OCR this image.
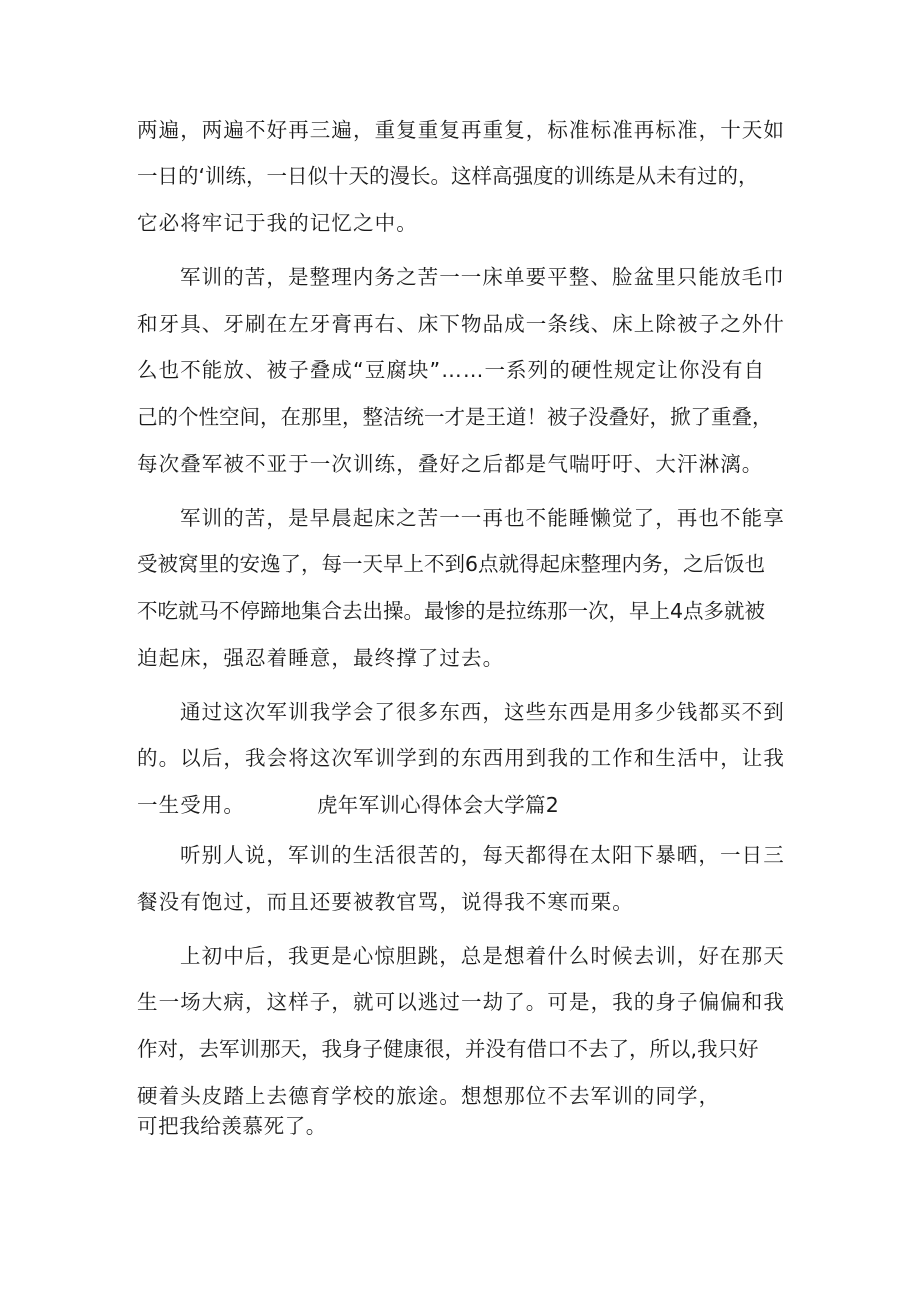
两遍，两遍不好再三遍，重复重复再重复，标准标准再标准，十天如
一日的‘训练，一日似十天的漫长。这样高强度的训练是从未有过的，
它必将牢记于我的记忆之中。
军训的苦，是整理内务之苦一一床单要平整、脸盆里只能放毛巾
和牙具、牙刷在左牙膏再右、床下物品成一条线、床上除被子之外什
么也不能放、被子叠成“豆腐块”……一系列的硬性规定让你没有自
己的个性空间，在那里，整洁统一才是王道！被子没叠好，掀了重叠，
每次叠军被不亚于一次训练，叠好之后都是气喘吁吁、大汗淋漓。
军训的苦，是早晨起床之苦一一再也不能睡懒觉了，再也不能享
受被窝里的安逸了，每一天早上不到6点就得起床整理内务，之后饭也
不吃就马不停蹄地集合去出操。最惨的是拉练那一次，早上4点多就被
迫起床，强忍着睡意，最终撑了过去。
通过这次军训我学会了很多东西，这些东西是用多少钱都买不到
的。以后，我会将这次军训学到的东西用到我的工作和生活中，让我
一生受用。	虎年军训心得体会大学篇2
听别人说，军训的生活很苦的，每天都得在太阳下暴晒，一日三
餐没有饱过，而且还要被教官骂，说得我不寒而栗。
上初中后，我更是心惊胆跳，总是想着什么时候去训，好在那天
生一场大病，这样子，就可以逃过一劫了。可是，我的身子偏偏和我
作对，去军训那天，我身子健康很，并没有借口不去了，所以,我只好
硬着头皮踏上去德育学校的旅途。想想那位不去军训的同学，
可把我给羡慕死了。
